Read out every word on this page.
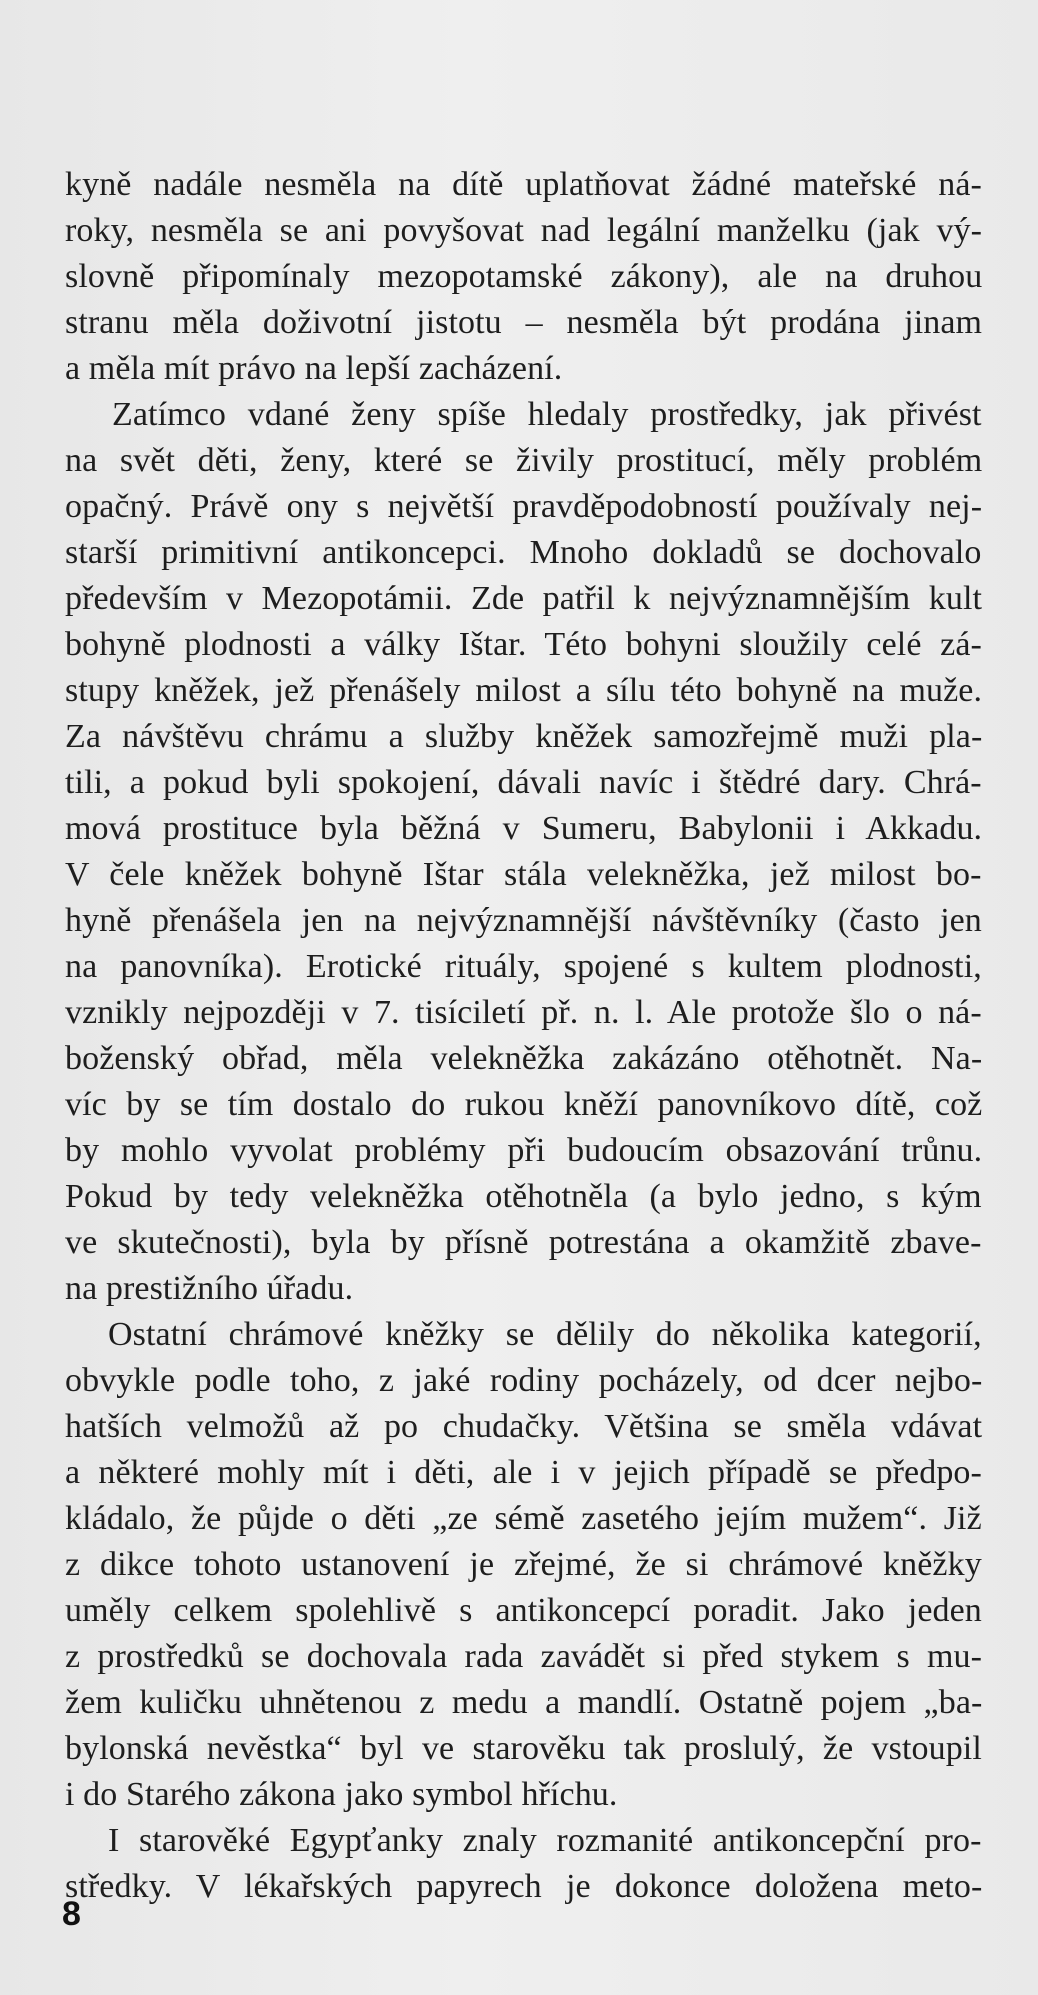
kyně nadále nesměla na dítě uplatňovat žádné mateřské ná-
roky, nesměla se ani povyšovat nad legální manželku (jak vý-
slovně připomínaly mezopotamské zákony), ale na druhou
stranu měla doživotní jistotu – nesměla být prodána jinam
a měla mít právo na lepší zacházení.
Zatímco vdané ženy spíše hledaly prostředky, jak přivést
na svět děti, ženy, které se živily prostitucí, měly problém
opačný. Právě ony s největší pravděpodobností používaly nej-
starší primitivní antikoncepci. Mnoho dokladů se dochovalo
především v Mezopotámii. Zde patřil k nejvýznamnějším kult
bohyně plodnosti a války Ištar. Této bohyni sloužily celé zá-
stupy kněžek, jež přenášely milost a sílu této bohyně na muže.
Za návštěvu chrámu a služby kněžek samozřejmě muži pla-
tili, a pokud byli spokojení, dávali navíc i štědré dary. Chrá-
mová prostituce byla běžná v Sumeru, Babylonii i Akkadu.
V čele kněžek bohyně Ištar stála velekněžka, jež milost bo-
hyně přenášela jen na nejvýznamnější návštěvníky (často jen
na panovníka). Erotické rituály, spojené s kultem plodnosti,
vznikly nejpozději v 7. tisíciletí př. n. l. Ale protože šlo o ná-
boženský obřad, měla velekněžka zakázáno otěhotnět. Na-
víc by se tím dostalo do rukou kněží panovníkovo dítě, což
by mohlo vyvolat problémy při budoucím obsazování trůnu.
Pokud by tedy velekněžka otěhotněla (a bylo jedno, s kým
ve skutečnosti), byla by přísně potrestána a okamžitě zbave-
na prestižního úřadu.
Ostatní chrámové kněžky se dělily do několika kategorií,
obvykle podle toho, z jaké rodiny pocházely, od dcer nejbo-
hatších velmožů až po chudačky. Většina se směla vdávat
a některé mohly mít i děti, ale i v jejich případě se předpo-
kládalo, že půjde o děti „ze sémě zasetého jejím mužem“. Již
z dikce tohoto ustanovení je zřejmé, že si chrámové kněžky
uměly celkem spolehlivě s antikoncepcí poradit. Jako jeden
z prostředků se dochovala rada zavádět si před stykem s mu-
žem kuličku uhnětenou z medu a mandlí. Ostatně pojem „ba-
bylonská nevěstka“ byl ve starověku tak proslulý, že vstoupil
i do Starého zákona jako symbol hříchu.
I starověké Egypťanky znaly rozmanité antikoncepční pro-
středky. V lékařských papyrech je dokonce doložena meto-
8
